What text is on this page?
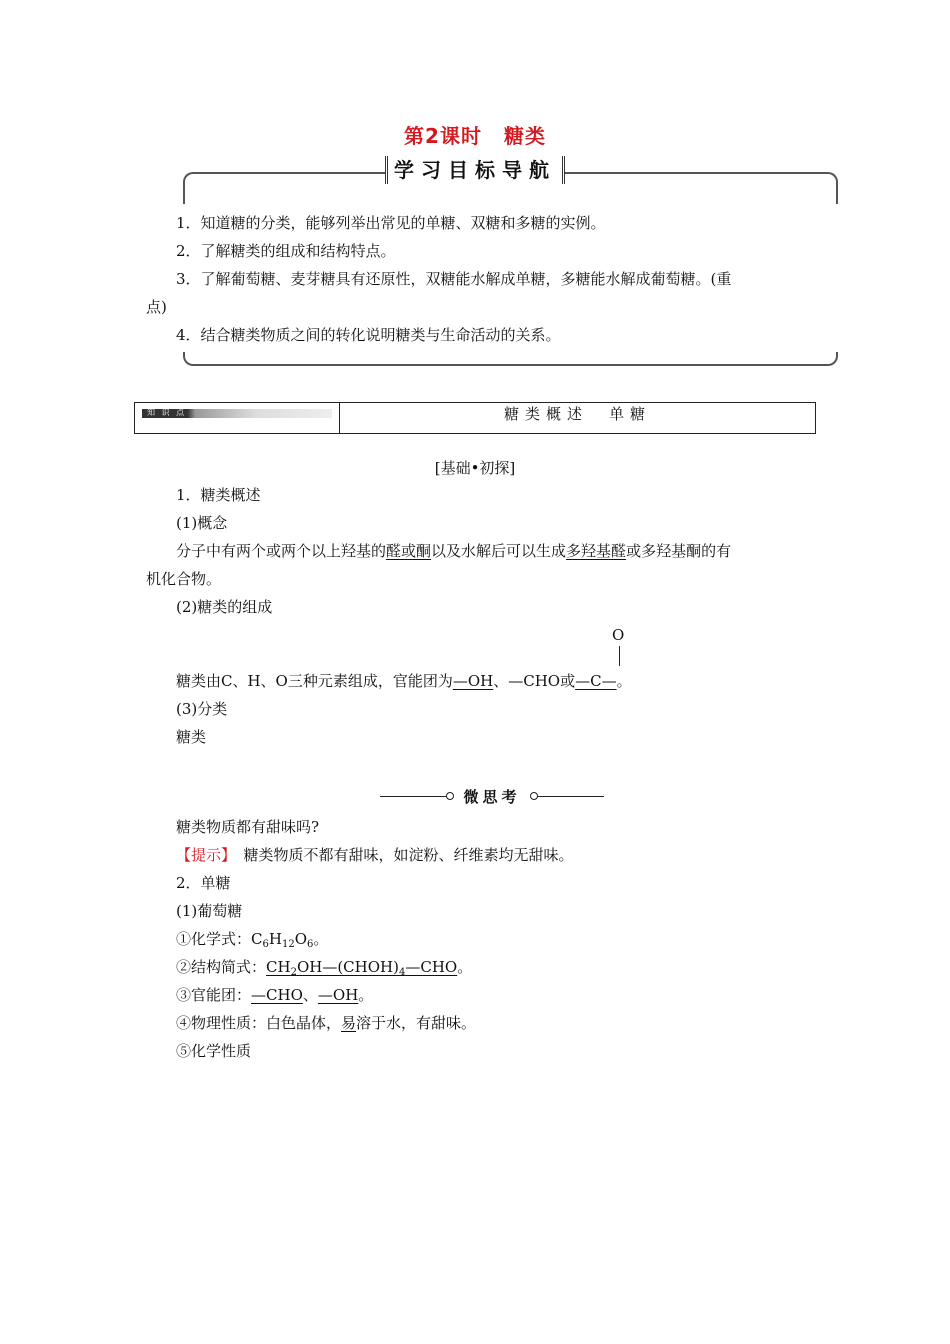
第2课时 糖类
学习目标导航
1．知道糖的分类，能够列举出常见的单糖、双糖和多糖的实例。
2．了解糖类的组成和结构特点。
3．了解葡萄糖、麦芽糖具有还原性，双糖能水解成单糖，多糖能水解成葡萄糖。(重
点)
4．结合糖类物质之间的转化说明糖类与生命活动的关系。
知 识 点	糖类概述　单糖
[基础•初探]
1．糖类概述
(1)概念
分子中有两个或两个以上羟基的醛或酮以及水解后可以生成多羟基醛或多羟基酮的有
机化合物。
(2)糖类的组成
O
糖类由C、H、O三种元素组成，官能团为—OH、—CHO或—C—。
(3)分类
糖类
微思考
糖类物质都有甜味吗?
【提示】　糖类物质不都有甜味，如淀粉、纤维素均无甜味。
2．单糖
(1)葡萄糖
①化学式：$C_6H_{12}O_6$。
②结构简式：$CH_2OH—(CHOH)_4—CHO$。
③官能团：—CHO、—OH。
④物理性质：白色晶体，易溶于水，有甜味。
⑤化学性质
